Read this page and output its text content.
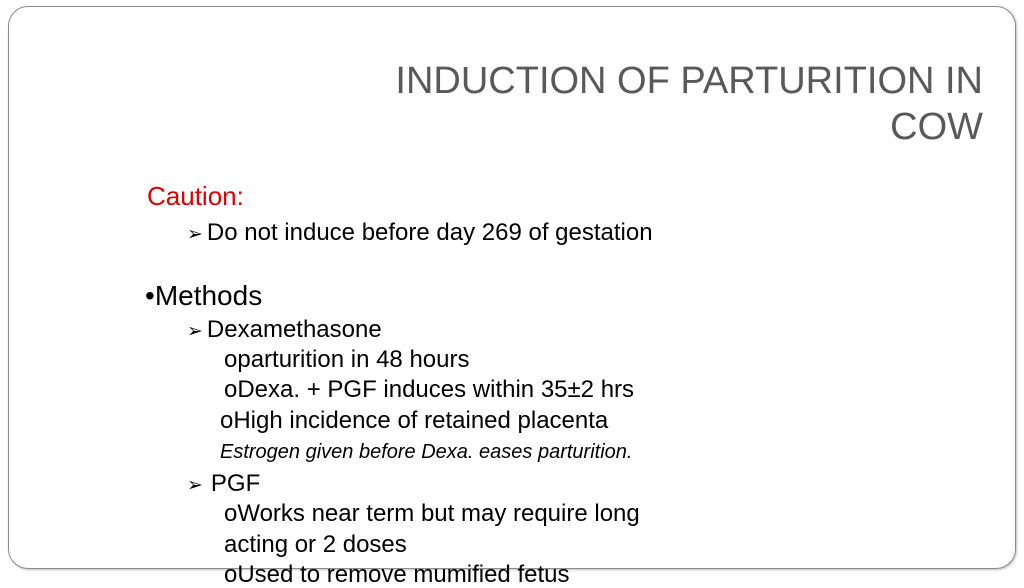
INDUCTION OF PARTURITION IN
COW
Caution:
➢ Do not induce before day 269 of gestation
•Methods
➢ Dexamethasone
oparturition in 48 hours
oDexa. + PGF induces within 35±2 hrs
oHigh incidence of retained placenta
Estrogen given before Dexa. eases parturition.
➢ PGF
oWorks near term but may require long
acting or 2 doses
oUsed to remove mumified fetus
